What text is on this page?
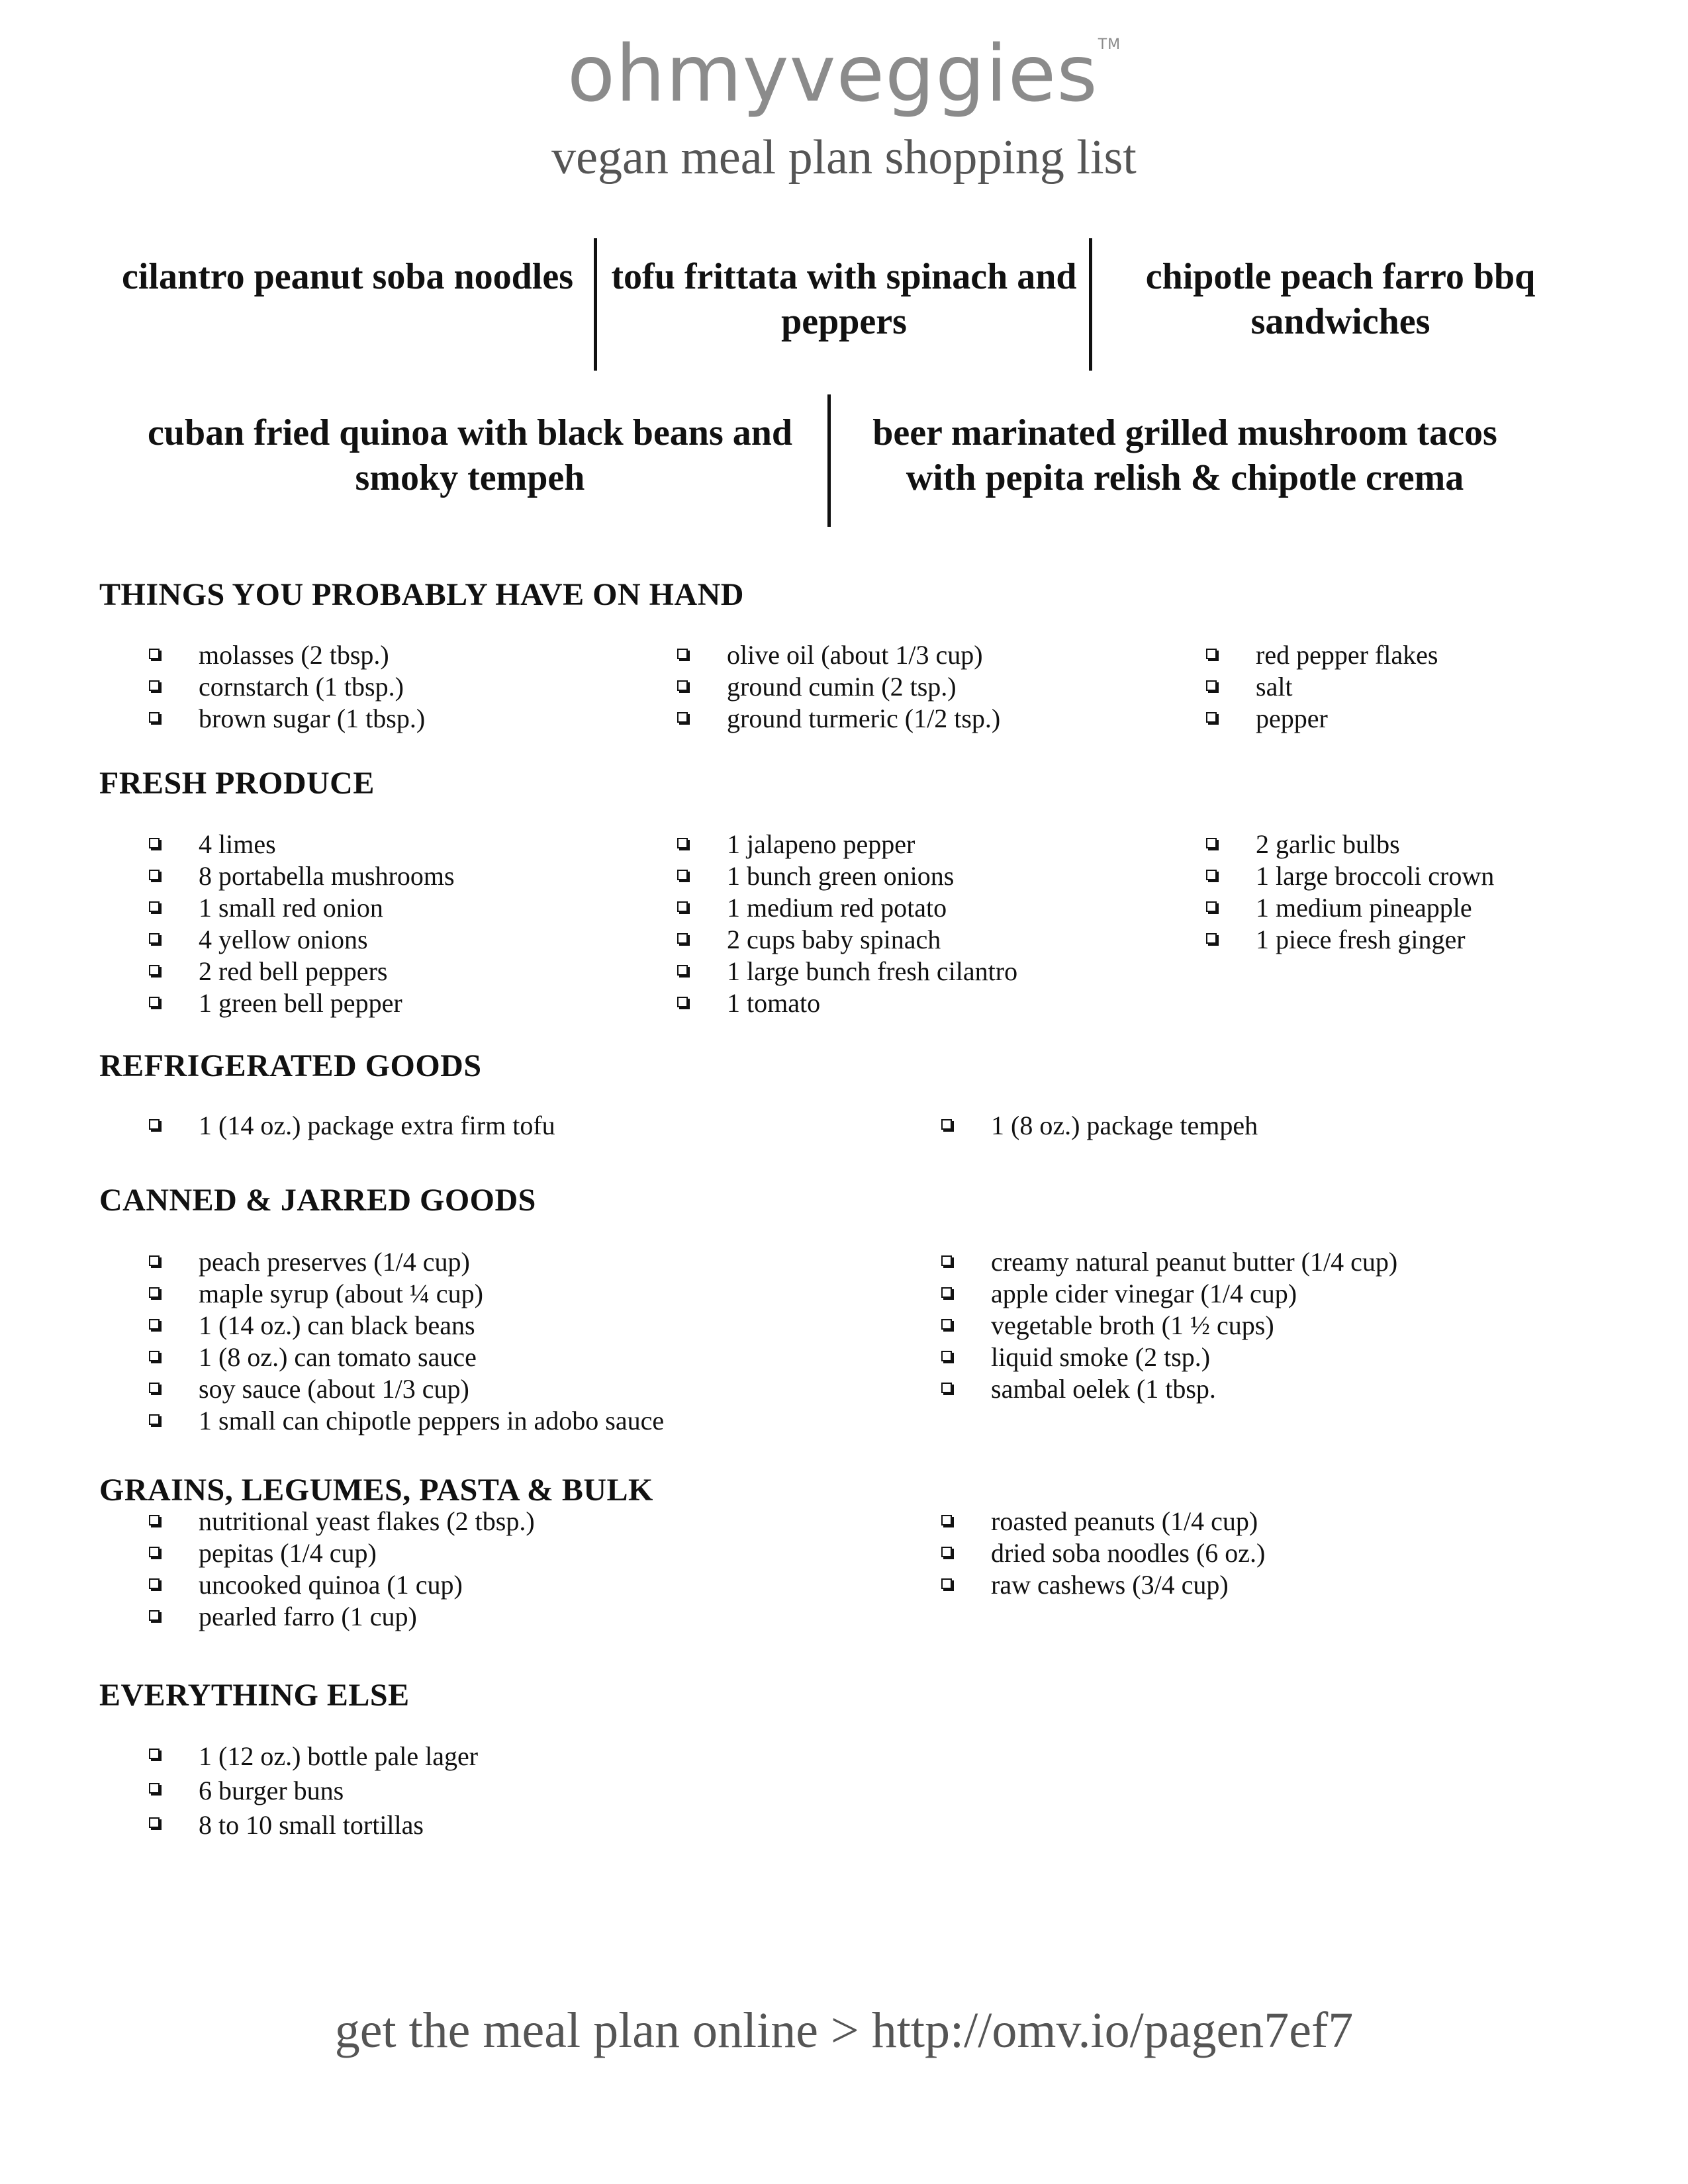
ohmyveggies™
vegan meal plan shopping list
cilantro peanut soba noodles	tofu frittata with spinach and peppers
chipotle peach farro bbq sandwiches
cuban fried quinoa with black beans and smoky tempeh
beer marinated grilled mushroom tacos with pepita relish & chipotle crema
THINGS YOU PROBABLY HAVE ON HAND
molasses (2 tbsp.)
cornstarch (1 tbsp.)
brown sugar (1 tbsp.)
olive oil (about 1/3 cup)
ground cumin (2 tsp.)
ground turmeric (1/2 tsp.)
red pepper flakes
salt
pepper
FRESH PRODUCE
4 limes
8 portabella mushrooms
1 small red onion
4 yellow onions
2 red bell peppers
1 green bell pepper
1 jalapeno pepper
1 bunch green onions
1 medium red potato
2 cups baby spinach
1 large bunch fresh cilantro
1 tomato
2 garlic bulbs
1 large broccoli crown
1 medium pineapple
1 piece fresh ginger
REFRIGERATED GOODS
1 (14 oz.) package extra firm tofu	1 (8 oz.) package tempeh
CANNED & JARRED GOODS
peach preserves (1/4 cup)
maple syrup (about ¼ cup)
1 (14 oz.) can black beans
1 (8 oz.) can tomato sauce
soy sauce (about 1/3 cup)
1 small can chipotle peppers in adobo sauce
creamy natural peanut butter (1/4 cup)
apple cider vinegar (1/4 cup)
vegetable broth (1 ½ cups)
liquid smoke (2 tsp.)
sambal oelek (1 tbsp.
GRAINS, LEGUMES, PASTA & BULK
nutritional yeast flakes (2 tbsp.)
pepitas (1/4 cup)
uncooked quinoa (1 cup)
pearled farro (1 cup)
roasted peanuts (1/4 cup)
dried soba noodles (6 oz.)
raw cashews (3/4 cup)
EVERYTHING ELSE
1 (12 oz.) bottle pale lager
6 burger buns
8 to 10 small tortillas
get the meal plan online > http://omv.io/pagen7ef7
